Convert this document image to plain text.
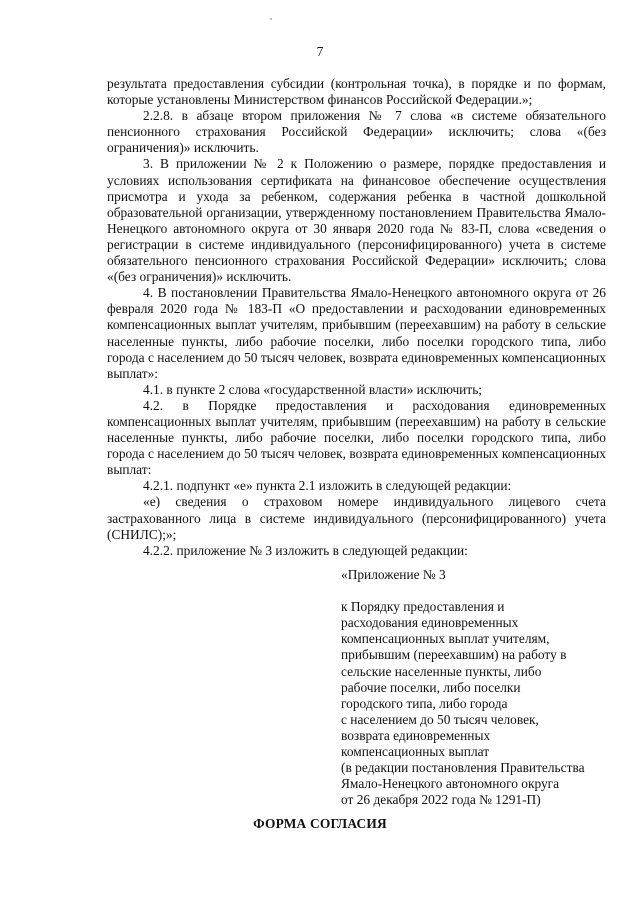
7

результата предоставления субсидии (контрольная точка), в порядке и по формам, которые установлены Министерством финансов Российской Федерации.»;

2.2.8. в абзаце втором приложения № 7 слова «в системе обязательного пенсионного страхования Российской Федерации» исключить; слова «(без ограничения)» исключить.

3. В приложении № 2 к Положению о размере, порядке предоставления и условиях использования сертификата на финансовое обеспечение осуществления присмотра и ухода за ребенком, содержания ребенка в частной дошкольной образовательной организации, утвержденному постановлением Правительства Ямало-Ненецкого автономного округа от 30 января 2020 года № 83-П, слова «сведения о регистрации в системе индивидуального (персонифицированного) учета в системе обязательного пенсионного страхования Российской Федерации» исключить; слова «(без ограничения)» исключить.

4. В постановлении Правительства Ямало-Ненецкого автономного округа от 26 февраля 2020 года № 183-П «О предоставлении и расходовании единовременных компенсационных выплат учителям, прибывшим (переехавшим) на работу в сельские населенные пункты, либо рабочие поселки, либо поселки городского типа, либо города с населением до 50 тысяч человек, возврата единовременных компенсационных выплат»:

4.1. в пункте 2 слова «государственной власти» исключить;

4.2. в Порядке предоставления и расходования единовременных компенсационных выплат учителям, прибывшим (переехавшим) на работу в сельские населенные пункты, либо рабочие поселки, либо поселки городского типа, либо города с населением до 50 тысяч человек, возврата единовременных компенсационных выплат:

4.2.1. подпункт «е» пункта 2.1 изложить в следующей редакции:

«е) сведения о страховом номере индивидуального лицевого счета застрахованного лица в системе индивидуального (персонифицированного) учета (СНИЛС);»;

4.2.2. приложение № 3 изложить в следующей редакции:

«Приложение № 3

к Порядку предоставления и

расходования единовременных

компенсационных выплат учителям,

прибывшим (переехавшим) на работу в

сельские населенные пункты, либо

рабочие поселки, либо поселки

городского типа, либо города

с населением до 50 тысяч человек,

возврата единовременных

компенсационных выплат

(в редакции постановления Правительства

Ямало-Ненецкого автономного округа

от 26 декабря 2022 года № 1291-П)

ФОРМА СОГЛАСИЯ
